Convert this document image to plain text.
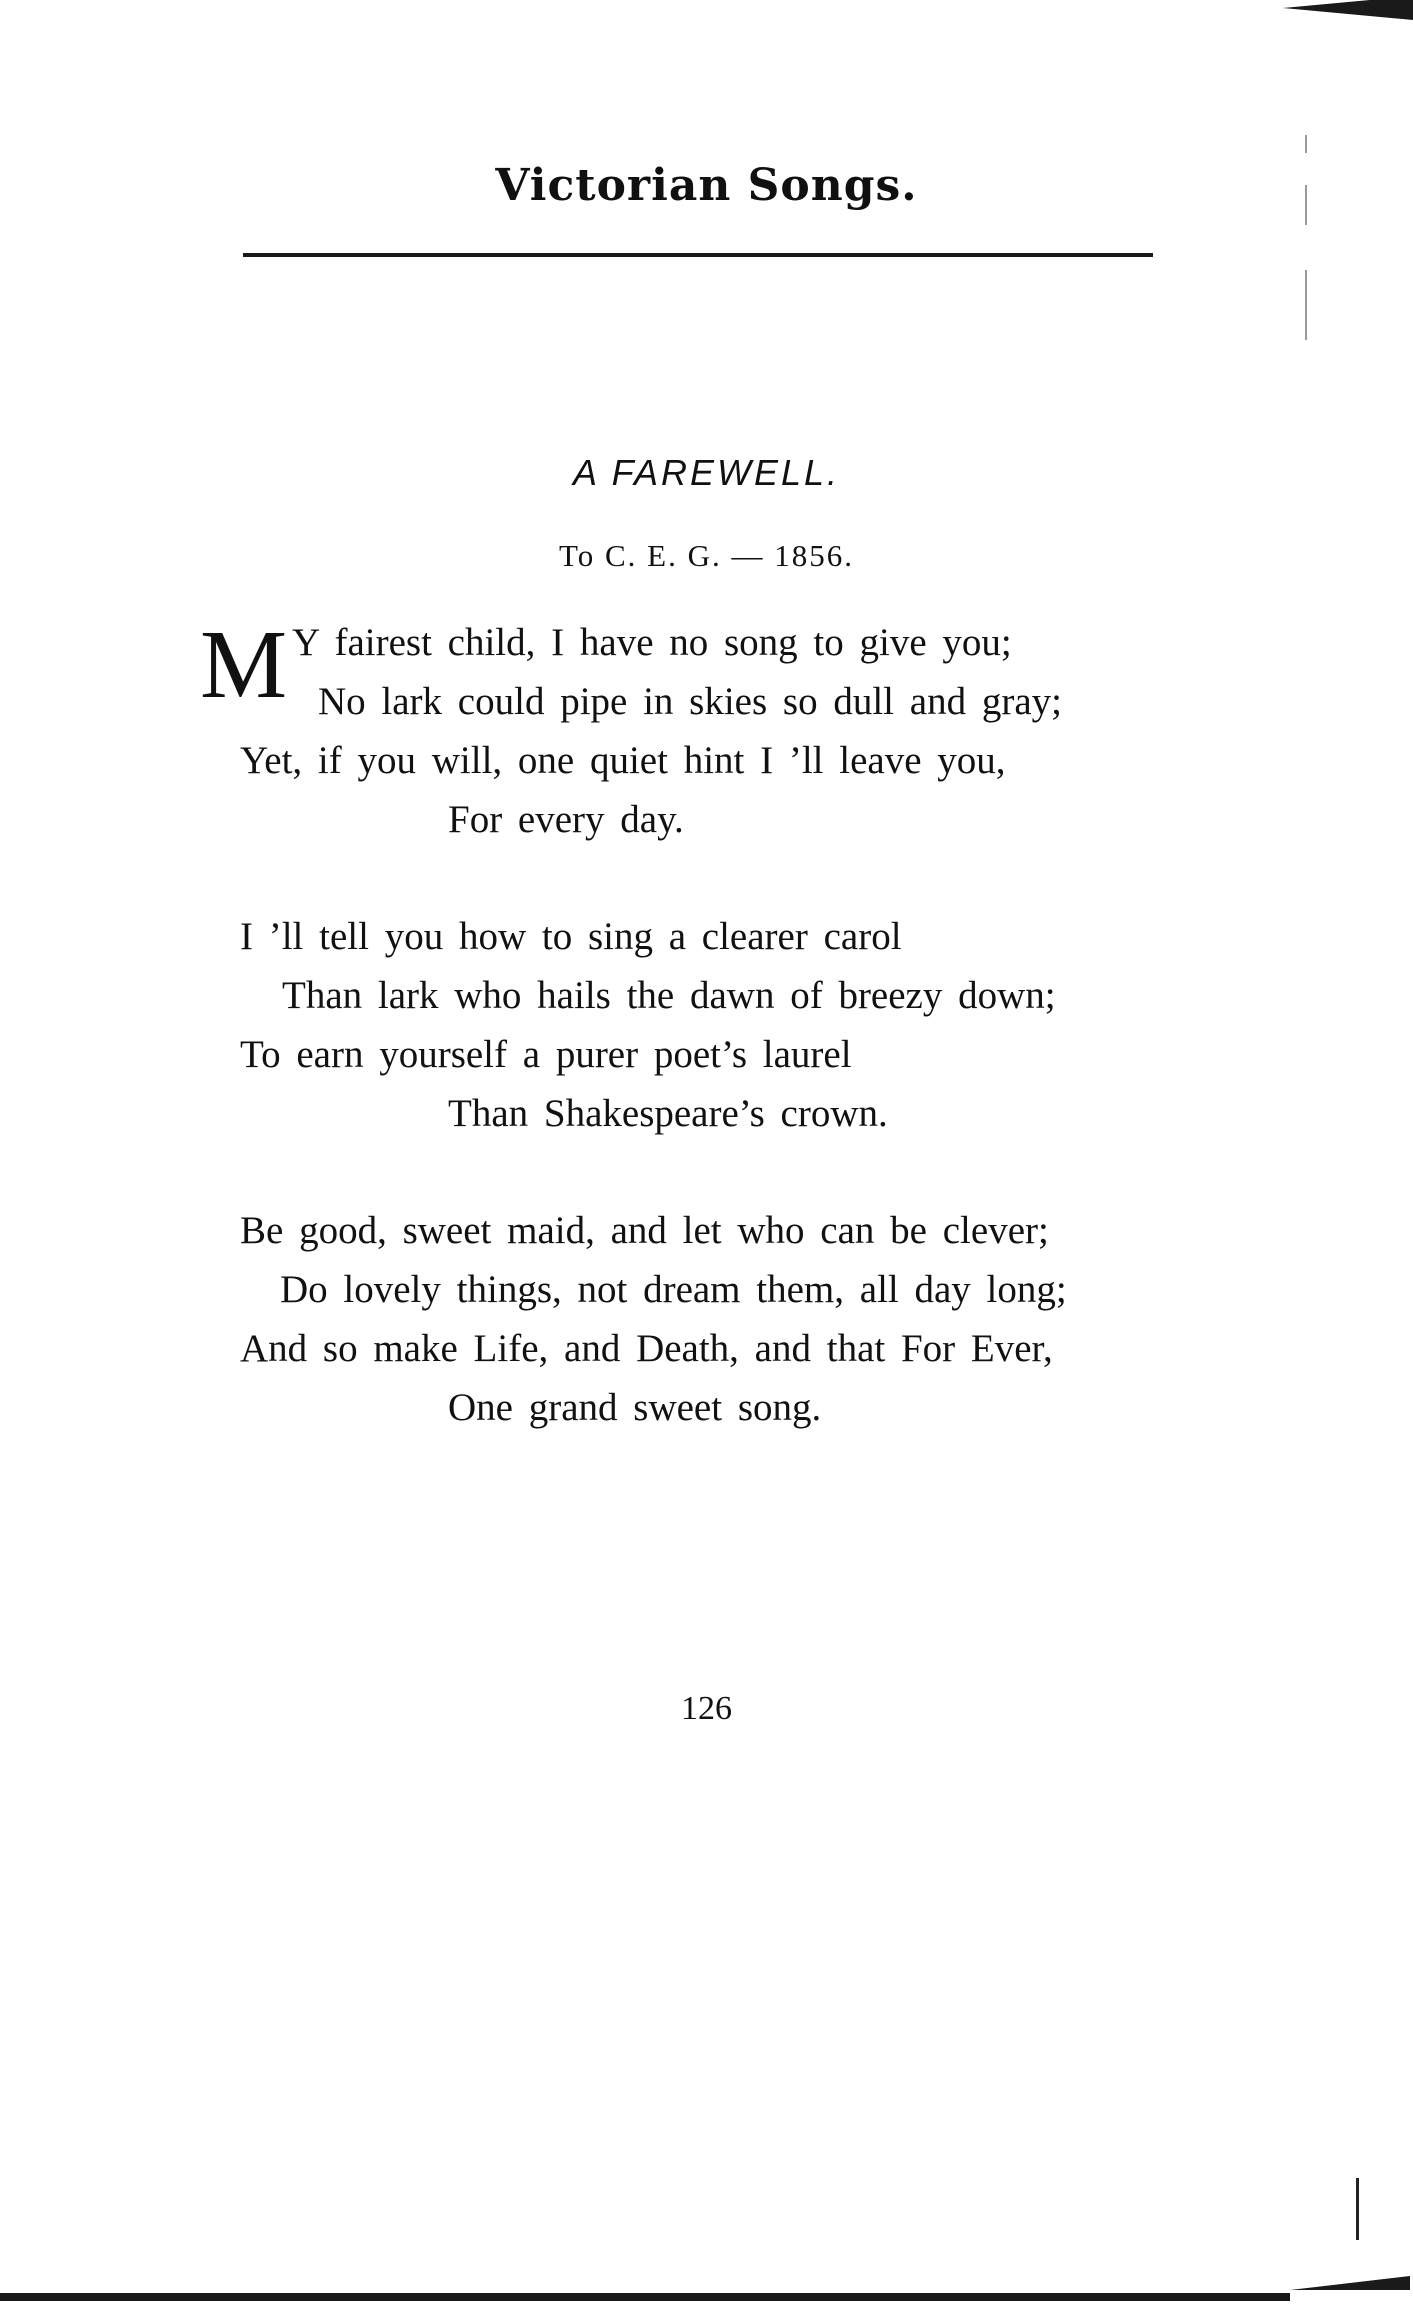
Victorian Songs.
A FAREWELL.
To C. E. G. — 1856.
M Y fairest child, I have no song to give you;
No lark could pipe in skies so dull and gray;
Yet, if you will, one quiet hint I ’ll leave you,
For every day.
I ’ll tell you how to sing a clearer carol
Than lark who hails the dawn of breezy down;
To earn yourself a purer poet’s laurel
Than Shakespeare’s crown.
Be good, sweet maid, and let who can be clever;
Do lovely things, not dream them, all day long;
And so make Life, and Death, and that For Ever,
One grand sweet song.
126
